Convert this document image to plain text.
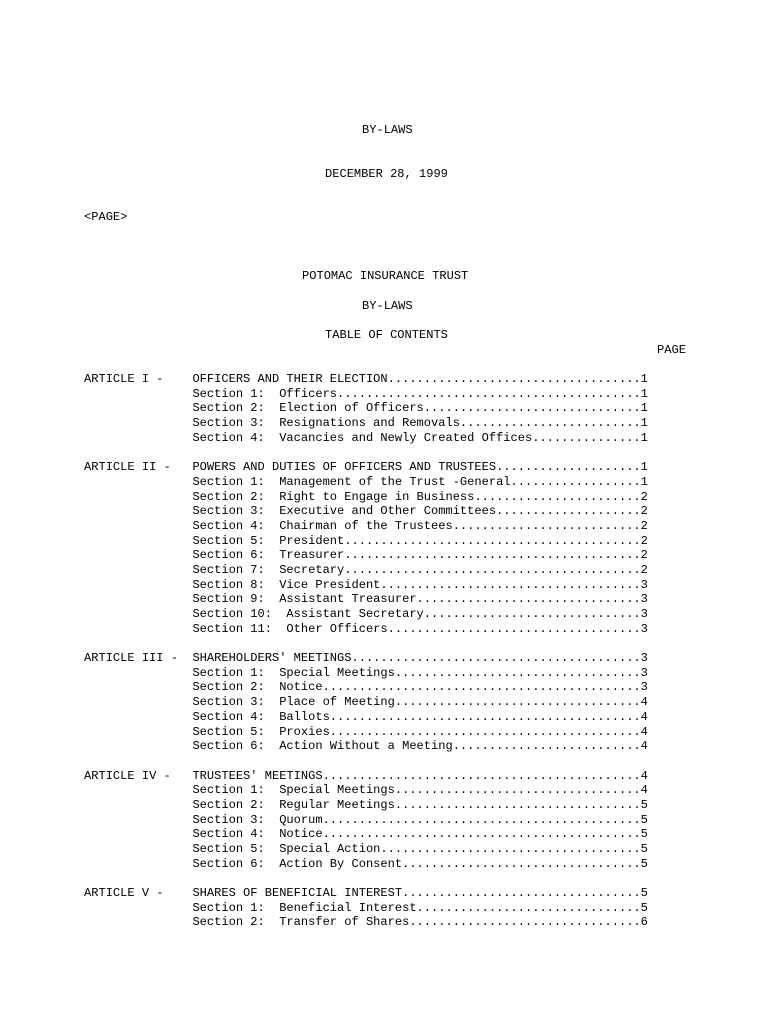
BY-LAWS
DECEMBER 28, 1999
<PAGE>
POTOMAC INSURANCE TRUST
BY-LAWS
TABLE OF CONTENTS
PAGE
ARTICLE I -    OFFICERS AND THEIR ELECTION...................................1
Section 1:  Officers..........................................1
Section 2:  Election of Officers..............................1
Section 3:  Resignations and Removals.........................1
Section 4:  Vacancies and Newly Created Offices...............1
ARTICLE II -   POWERS AND DUTIES OF OFFICERS AND TRUSTEES....................1
Section 1:  Management of the Trust -General..................1
Section 2:  Right to Engage in Business.......................2
Section 3:  Executive and Other Committees....................2
Section 4:  Chairman of the Trustees..........................2
Section 5:  President.........................................2
Section 6:  Treasurer.........................................2
Section 7:  Secretary.........................................2
Section 8:  Vice President....................................3
Section 9:  Assistant Treasurer...............................3
Section 10:  Assistant Secretary..............................3
Section 11:  Other Officers...................................3
ARTICLE III -  SHAREHOLDERS' MEETINGS........................................3
Section 1:  Special Meetings..................................3
Section 2:  Notice............................................3
Section 3:  Place of Meeting..................................4
Section 4:  Ballots...........................................4
Section 5:  Proxies...........................................4
Section 6:  Action Without a Meeting..........................4
ARTICLE IV -   TRUSTEES' MEETINGS............................................4
Section 1:  Special Meetings..................................4
Section 2:  Regular Meetings..................................5
Section 3:  Quorum............................................5
Section 4:  Notice............................................5
Section 5:  Special Action....................................5
Section 6:  Action By Consent.................................5
ARTICLE V -    SHARES OF BENEFICIAL INTEREST.................................5
Section 1:  Beneficial Interest...............................5
Section 2:  Transfer of Shares................................6
